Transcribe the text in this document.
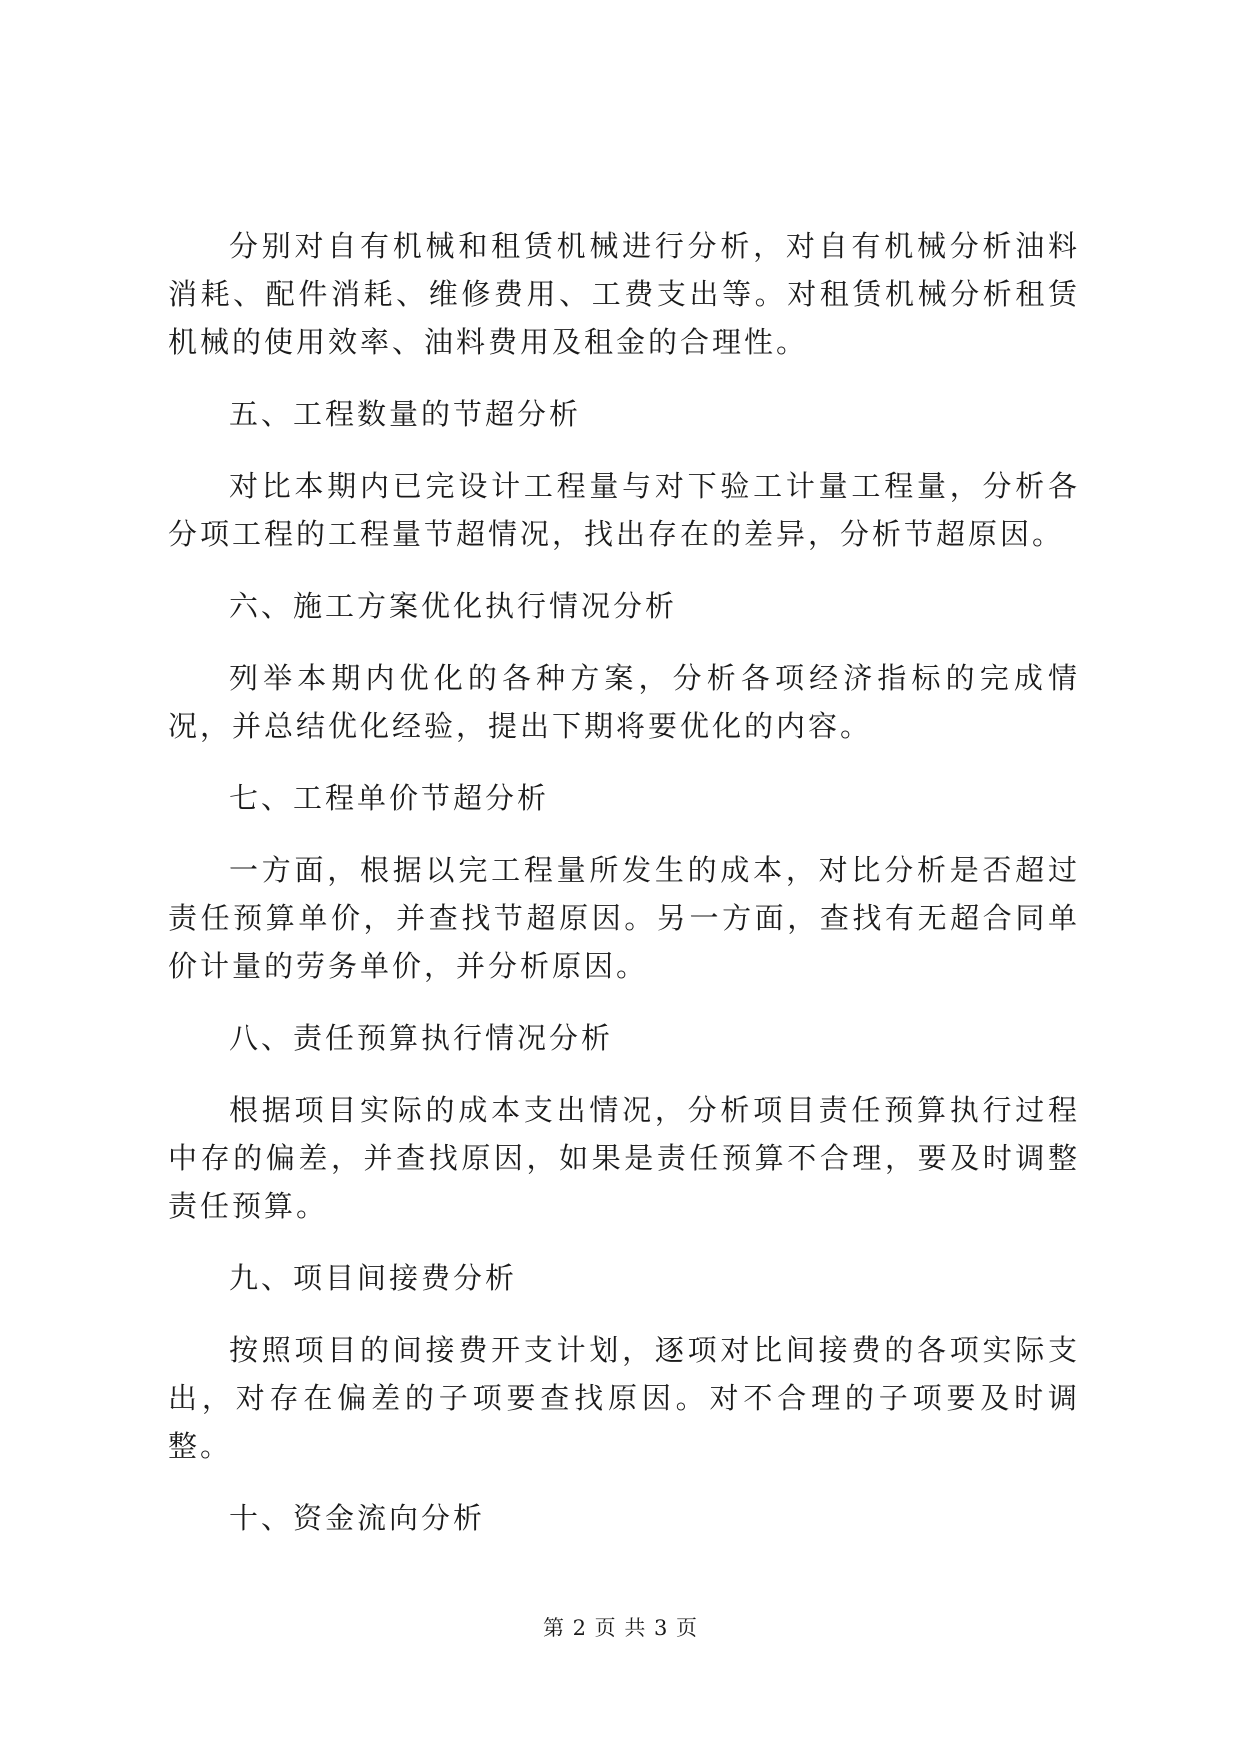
分别对自有机械和租赁机械进行分析，对自有机械分析油料消耗、配件消耗、维修费用、工费支出等。对租赁机械分析租赁机械的使用效率、油料费用及租金的合理性。

五、工程数量的节超分析

对比本期内已完设计工程量与对下验工计量工程量，分析各分项工程的工程量节超情况，找出存在的差异，分析节超原因。

六、施工方案优化执行情况分析

列举本期内优化的各种方案，分析各项经济指标的完成情况，并总结优化经验，提出下期将要优化的内容。

七、工程单价节超分析

一方面，根据以完工程量所发生的成本，对比分析是否超过责任预算单价，并查找节超原因。另一方面，查找有无超合同单价计量的劳务单价，并分析原因。

八、责任预算执行情况分析

根据项目实际的成本支出情况，分析项目责任预算执行过程中存的偏差，并查找原因，如果是责任预算不合理，要及时调整责任预算。

九、项目间接费分析

按照项目的间接费开支计划，逐项对比间接费的各项实际支出，对存在偏差的子项要查找原因。对不合理的子项要及时调整。

十、资金流向分析

第 2 页 共 3 页
